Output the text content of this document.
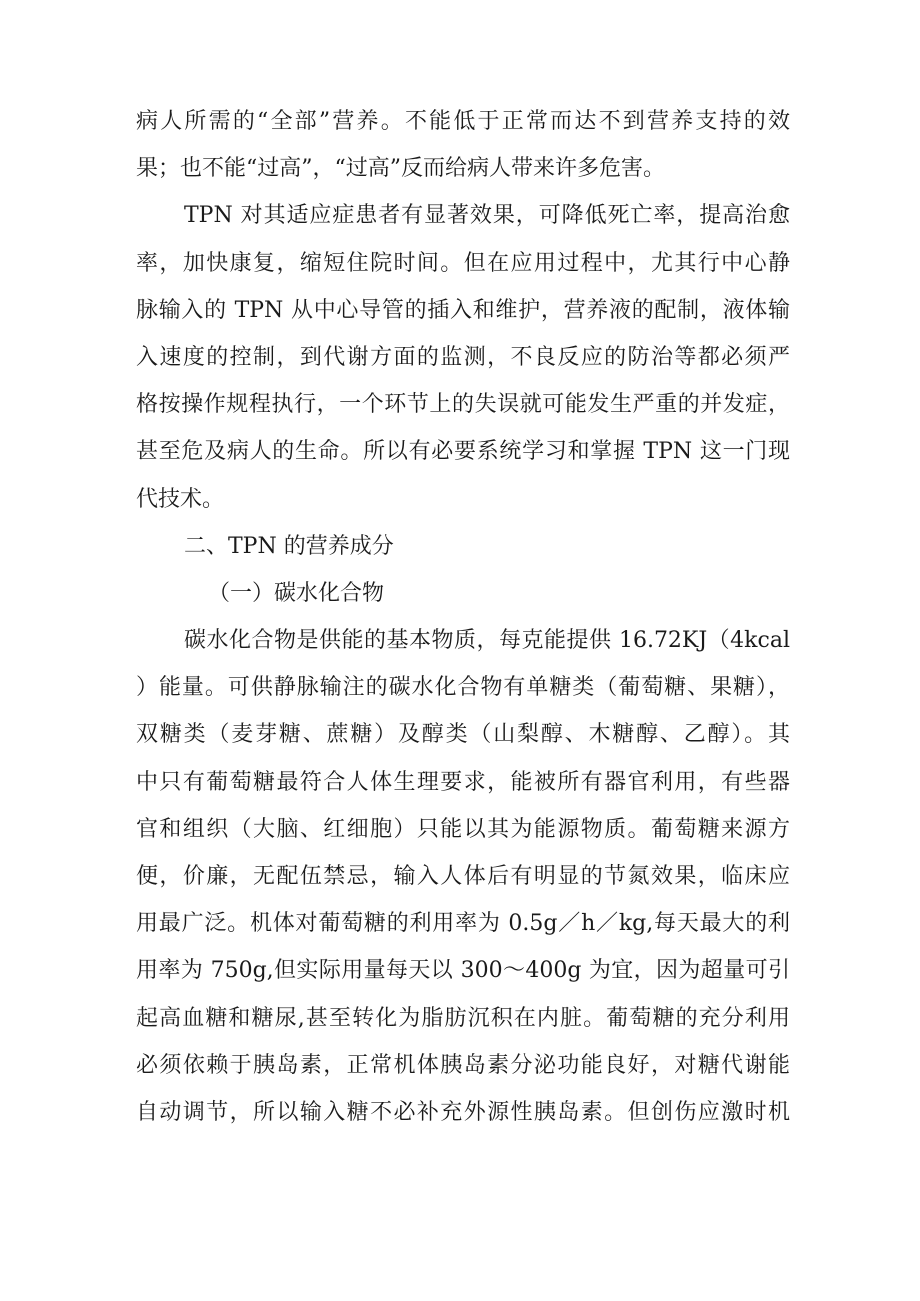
病人所需的“全部”营养。不能低于正常而达不到营养支持的效
果；也不能“过高”，“过高”反而给病人带来许多危害。
TPN 对其适应症患者有显著效果，可降低死亡率，提高治愈
率，加快康复，缩短住院时间。但在应用过程中，尤其行中心静
脉输入的 TPN 从中心导管的插入和维护，营养液的配制，液体输
入速度的控制，到代谢方面的监测，不良反应的防治等都必须严
格按操作规程执行，一个环节上的失误就可能发生严重的并发症，
甚至危及病人的生命。所以有必要系统学习和掌握 TPN 这一门现
代技术。
二、TPN 的营养成分
（一）碳水化合物
碳水化合物是供能的基本物质，每克能提供 16.72KJ（4kcal
）能量。可供静脉输注的碳水化合物有单糖类（葡萄糖、果糖），
双糖类（麦芽糖、蔗糖）及醇类（山梨醇、木糖醇、乙醇）。其
中只有葡萄糖最符合人体生理要求，能被所有器官利用，有些器
官和组织（大脑、红细胞）只能以其为能源物质。葡萄糖来源方
便，价廉，无配伍禁忌，输入人体后有明显的节氮效果，临床应
用最广泛。机体对葡萄糖的利用率为 0.5g／h／kg,每天最大的利
用率为 750g,但实际用量每天以 300～400g 为宜，因为超量可引
起高血糖和糖尿,甚至转化为脂肪沉积在内脏。葡萄糖的充分利用
必须依赖于胰岛素，正常机体胰岛素分泌功能良好，对糖代谢能
自动调节，所以输入糖不必补充外源性胰岛素。但创伤应激时机
